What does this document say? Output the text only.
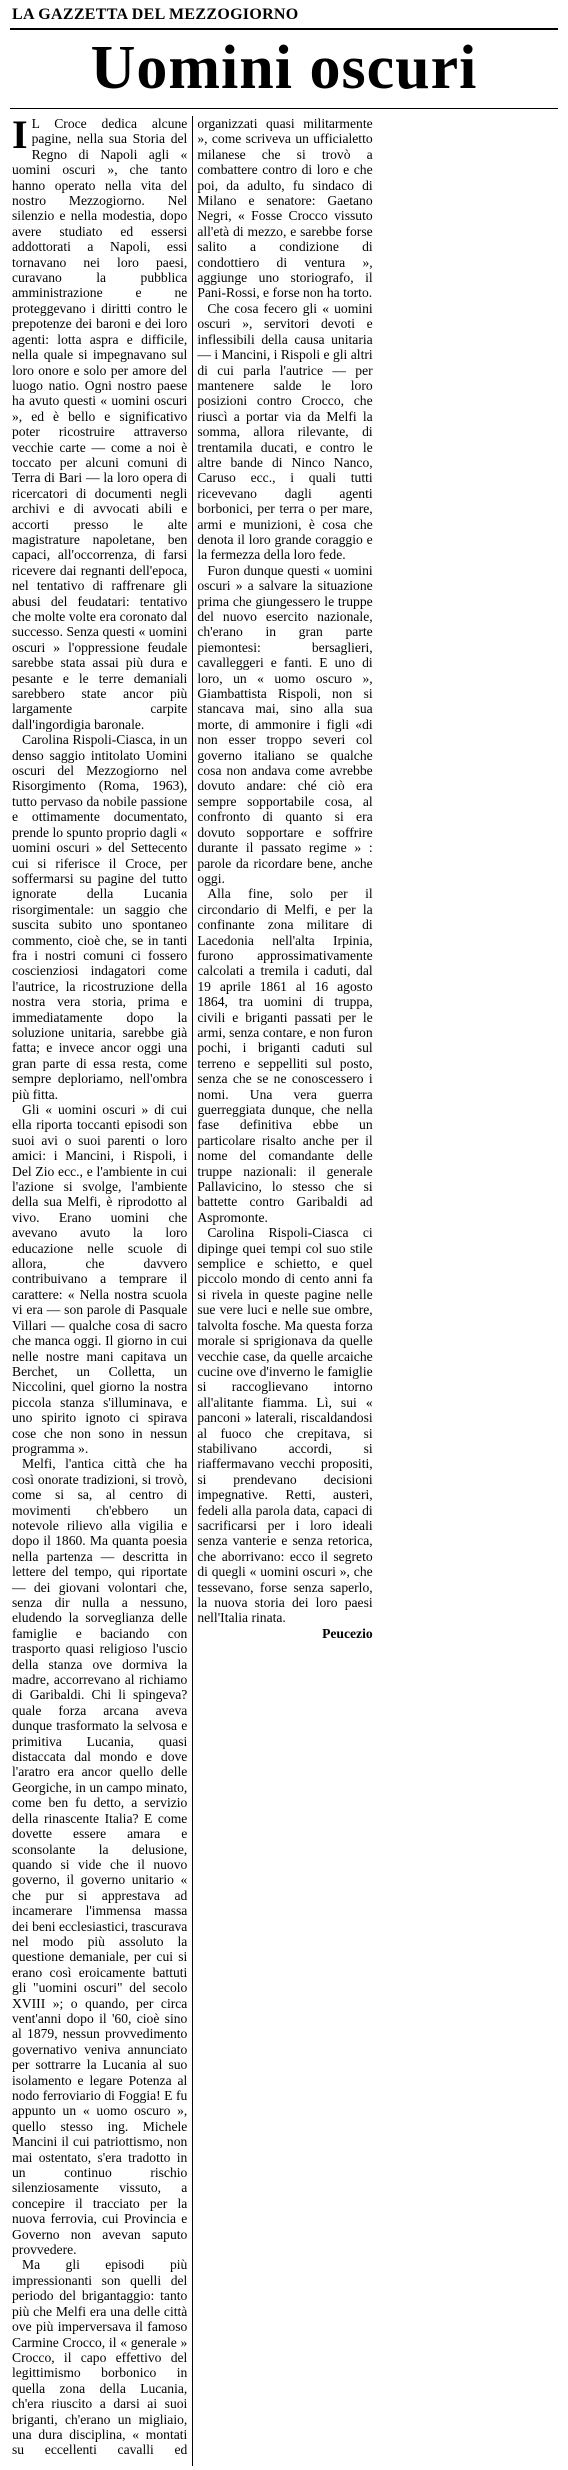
LA GAZZETTA DEL MEZZOGIORNO
Uomini oscuri

I L Croce dedica alcune pagine, nella sua Storia del Regno di Napoli agli « uomini oscuri », che tanto hanno operato nella vita del nostro Mezzogiorno. Nel silenzio e nella modestia, dopo avere studiato ed essersi addottorati a Napoli, essi tornavano nei loro paesi, curavano la pubblica amministrazione e ne proteggevano i diritti contro le prepotenze dei baroni e dei loro agenti: lotta aspra e difficile, nella quale si impegnavano sul loro onore e solo per amore del luogo natio. Ogni nostro paese ha avuto questi « uomini oscuri », ed è bello e significativo poter ricostruire attraverso vecchie carte — come a noi è toccato per alcuni comuni di Terra di Bari — la loro opera di ricercatori di documenti negli archivi e di avvocati abili e accorti presso le alte magistrature napoletane, ben capaci, all'occorrenza, di farsi ricevere dai regnanti dell'epoca, nel tentativo di raffrenare gli abusi del feudatari: tentativo che molte volte era coronato dal successo. Senza questi « uomini oscuri » l'oppressione feudale sarebbe stata assai più dura e pesante e le terre demaniali sarebbero state ancor più largamente carpite dall'ingordigia baronale.

Carolina Rispoli-Ciasca, in un denso saggio intitolato Uomini oscuri del Mezzogiorno nel Risorgimento (Roma, 1963), tutto pervaso da nobile passione e ottimamente documentato, prende lo spunto proprio dagli « uomini oscuri » del Settecento cui si riferisce il Croce, per soffermarsi su pagine del tutto ignorate della Lucania risorgimentale: un saggio che suscita subito uno spontaneo commento, cioè che, se in tanti fra i nostri comuni ci fossero coscienziosi indagatori come l'autrice, la ricostruzione della nostra vera storia, prima e immediatamente dopo la soluzione unitaria, sarebbe già fatta; e invece ancor oggi una gran parte di essa resta, come sempre deploriamo, nell'ombra più fitta.

Gli « uomini oscuri » di cui ella riporta toccanti episodi son suoi avi o suoi parenti o loro amici: i Mancini, i Rispoli, i Del Zio ecc., e l'ambiente in cui l'azione si svolge, l'ambiente della sua Melfi, è riprodotto al vivo. Erano uomini che avevano avuto la loro educazione nelle scuole di allora, che davvero contribuivano a temprare il carattere: « Nella nostra scuola vi era — son parole di Pasquale Villari — qualche cosa di sacro che manca oggi. Il giorno in cui nelle nostre mani capitava un Berchet, un Colletta, un Niccolini, quel giorno la nostra piccola stanza s'illuminava, e uno spirito ignoto ci spirava cose che non sono in nessun programma ».

Melfi, l'antica città che ha così onorate tradizioni, si trovò, come si sa, al centro di movimenti ch'ebbero un notevole rilievo alla vigilia e dopo il 1860. Ma quanta poesia nella partenza — descritta in lettere del tempo, qui riportate — dei giovani volontari che, senza dir nulla a nessuno, eludendo la sorveglianza delle famiglie e baciando con trasporto quasi religioso l'uscio della stanza ove dormiva la madre, accorrevano al richiamo di Garibaldi. Chi li spingeva? quale forza arcana aveva dunque trasformato la selvosa e primitiva Lucania, quasi distaccata dal mondo e dove l'aratro era ancor quello delle Georgiche, in un campo minato, come ben fu detto, a servizio della rinascente Italia? E come dovette essere amara e sconsolante la delusione, quando si vide che il nuovo governo, il governo unitario « che pur si apprestava ad incamerare l'immensa massa dei beni ecclesiastici, trascurava nel modo più assoluto la questione demaniale, per cui si erano così eroicamente battuti gli "uomini oscuri" del secolo XVIII »; o quando, per circa vent'anni dopo il '60, cioè sino al 1879, nessun provvedimento governativo veniva annunciato per sottrarre la Lucania al suo isolamento e legare Potenza al nodo ferroviario di Foggia! E fu appunto un « uomo oscuro », quello stesso ing. Michele Mancini il cui patriottismo, non mai ostentato, s'era tradotto in un continuo rischio silenziosamente vissuto, a concepire il tracciato per la nuova ferrovia, cui Provincia e Governo non avevan saputo provvedere.

Ma gli episodi più impressionanti son quelli del periodo del brigantaggio: tanto più che Melfi era una delle città ove più imperversava il famoso Carmine Crocco, il « generale » Crocco, il capo effettivo del legittimismo borbonico in quella zona della Lucania, ch'era riuscito a darsi ai suoi briganti, ch'erano un migliaio, una dura disciplina, « montati su eccellenti cavalli ed organizzati quasi militarmente », come scriveva un ufficialetto milanese che si trovò a combattere contro di loro e che poi, da adulto, fu sindaco di Milano e senatore: Gaetano Negri, « Fosse Crocco vissuto all'età di mezzo, e sarebbe forse salito a condizione di condottiero di ventura », aggiunge uno storiografo, il Pani-Rossi, e forse non ha torto.

Che cosa fecero gli « uomini oscuri », servitori devoti e inflessibili della causa unitaria — i Mancini, i Rispoli e gli altri di cui parla l'autrice — per mantenere salde le loro posizioni contro Crocco, che riuscì a portar via da Melfi la somma, allora rilevante, di trentamila ducati, e contro le altre bande di Ninco Nanco, Caruso ecc., i quali tutti ricevevano dagli agenti borbonici, per terra o per mare, armi e munizioni, è cosa che denota il loro grande coraggio e la fermezza della loro fede.

Furon dunque questi « uomini oscuri » a salvare la situazione prima che giungessero le truppe del nuovo esercito nazionale, ch'erano in gran parte piemontesi: bersaglieri, cavalleggeri e fanti. E uno di loro, un « uomo oscuro », Giambattista Rispoli, non si stancava mai, sino alla sua morte, di ammonire i figli «di non esser troppo severi col governo italiano se qualche cosa non andava come avrebbe dovuto andare: ché ciò era sempre sopportabile cosa, al confronto di quanto si era dovuto sopportare e soffrire durante il passato regime » : parole da ricordare bene, anche oggi.

Alla fine, solo per il circondario di Melfi, e per la confinante zona militare di Lacedonia nell'alta Irpinia, furono approssimativamente calcolati a tremila i caduti, dal 19 aprile 1861 al 16 agosto 1864, tra uomini di truppa, civili e briganti passati per le armi, senza contare, e non furon pochi, i briganti caduti sul terreno e seppelliti sul posto, senza che se ne conoscessero i nomi. Una vera guerra guerreggiata dunque, che nella fase definitiva ebbe un particolare risalto anche per il nome del comandante delle truppe nazionali: il generale Pallavicino, lo stesso che si battette contro Garibaldi ad Aspromonte.

Carolina Rispoli-Ciasca ci dipinge quei tempi col suo stile semplice e schietto, e quel piccolo mondo di cento anni fa si rivela in queste pagine nelle sue vere luci e nelle sue ombre, talvolta fosche. Ma questa forza morale si sprigionava da quelle vecchie case, da quelle arcaiche cucine ove d'inverno le famiglie si raccoglievano intorno all'alitante fiamma. Lì, sui « panconi » laterali, riscaldandosi al fuoco che crepitava, si stabilivano accordi, si riaffermavano vecchi propositi, si prendevano decisioni impegnative. Retti, austeri, fedeli alla parola data, capaci di sacrificarsi per i loro ideali senza vanterie e senza retorica, che aborrivano: ecco il segreto di quegli « uomini oscuri », che tessevano, forse senza saperlo, la nuova storia dei loro paesi nell'Italia rinata.

Peucezio
